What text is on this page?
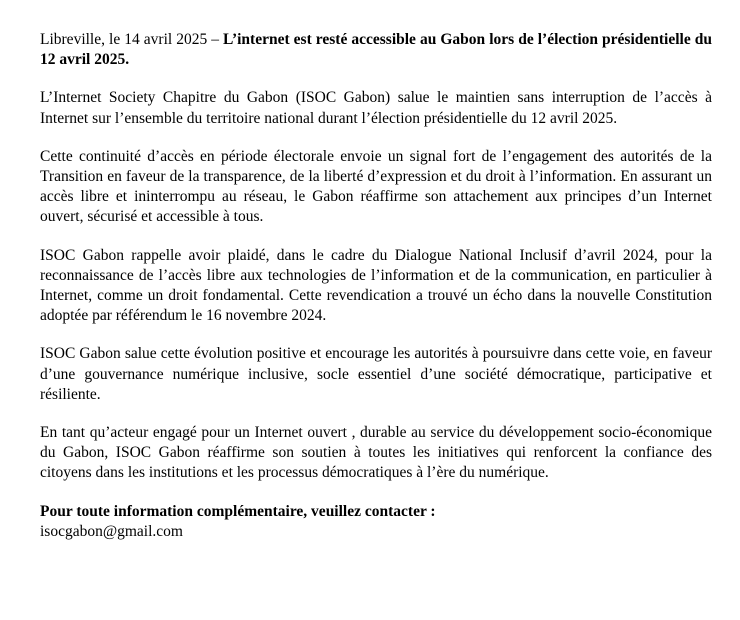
Libreville, le 14 avril 2025 – L’internet est resté accessible au Gabon lors de l’élection présidentielle du 12 avril 2025.

L’Internet Society Chapitre du Gabon (ISOC Gabon) salue le maintien sans interruption de l’accès à Internet sur l’ensemble du territoire national durant l’élection présidentielle du 12 avril 2025.

Cette continuité d’accès en période électorale envoie un signal fort de l’engagement des autorités de la Transition en faveur de la transparence, de la liberté d’expression et du droit à l’information. En assurant un accès libre et ininterrompu au réseau, le Gabon réaffirme son attachement aux principes d’un Internet ouvert, sécurisé et accessible à tous.

ISOC Gabon rappelle avoir plaidé, dans le cadre du Dialogue National Inclusif d’avril 2024, pour la reconnaissance de l’accès libre aux technologies de l’information et de la communication, en particulier à Internet, comme un droit fondamental. Cette revendication a trouvé un écho dans la nouvelle Constitution adoptée par référendum le 16 novembre 2024.

ISOC Gabon salue cette évolution positive et encourage les autorités à poursuivre dans cette voie, en faveur d’une gouvernance numérique inclusive, socle essentiel d’une société démocratique, participative et résiliente.

En tant qu’acteur engagé pour un Internet ouvert , durable au service du développement socio-économique du Gabon, ISOC Gabon réaffirme son soutien à toutes les initiatives qui renforcent la confiance des citoyens dans les institutions et les processus démocratiques à l’ère du numérique.

Pour toute information complémentaire, veuillez contacter :
isocgabon@gmail.com
